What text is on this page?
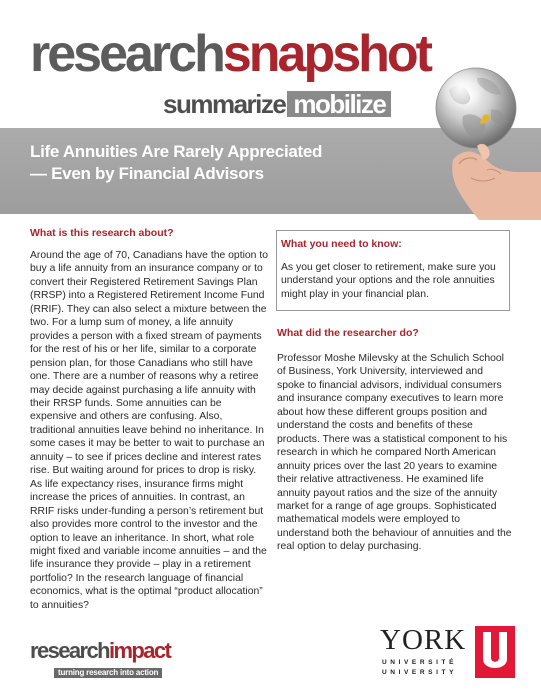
researchsnapshot
summarize mobilize
Life Annuities Are Rarely Appreciated
— Even by Financial Advisors
What is this research about?
Around the age of 70, Canadians have the option to buy a life annuity from an insurance company or to convert their Registered Retirement Savings Plan (RRSP) into a Registered Retirement Income Fund (RRIF). They can also select a mixture between the two. For a lump sum of money, a life annuity provides a person with a fixed stream of payments for the rest of his or her life, similar to a corporate pension plan, for those Canadians who still have one. There are a number of reasons why a retiree may decide against purchasing a life annuity with their RRSP funds. Some annuities can be expensive and others are confusing. Also, traditional annuities leave behind no inheritance. In some cases it may be better to wait to purchase an annuity – to see if prices decline and interest rates rise. But waiting around for prices to drop is risky. As life expectancy rises, insurance firms might increase the prices of annuities. In contrast, an RRIF risks under-funding a person’s retirement but also provides more control to the investor and the option to leave an inheritance. In short, what role might fixed and variable income annuities – and the life insurance they provide – play in a retirement portfolio? In the research language of financial economics, what is the optimal “product allocation” to annuities?
What you need to know:
As you get closer to retirement, make sure you understand your options and the role annuities might play in your financial plan.
What did the researcher do?
Professor Moshe Milevsky at the Schulich School of Business, York University, interviewed and spoke to financial advisors, individual consumers and insurance company executives to learn more about how these different groups position and understand the costs and benefits of these products. There was a statistical component to his research in which he compared North American annuity prices over the last 20 years to examine their relative attractiveness. He examined life annuity payout ratios and the size of the annuity market for a range of age groups. Sophisticated mathematical models were employed to understand both the behaviour of annuities and the real option to delay purchasing.
researchimpact
turning research into action
YORK
UNIVERSITÉ
UNIVERSITY
